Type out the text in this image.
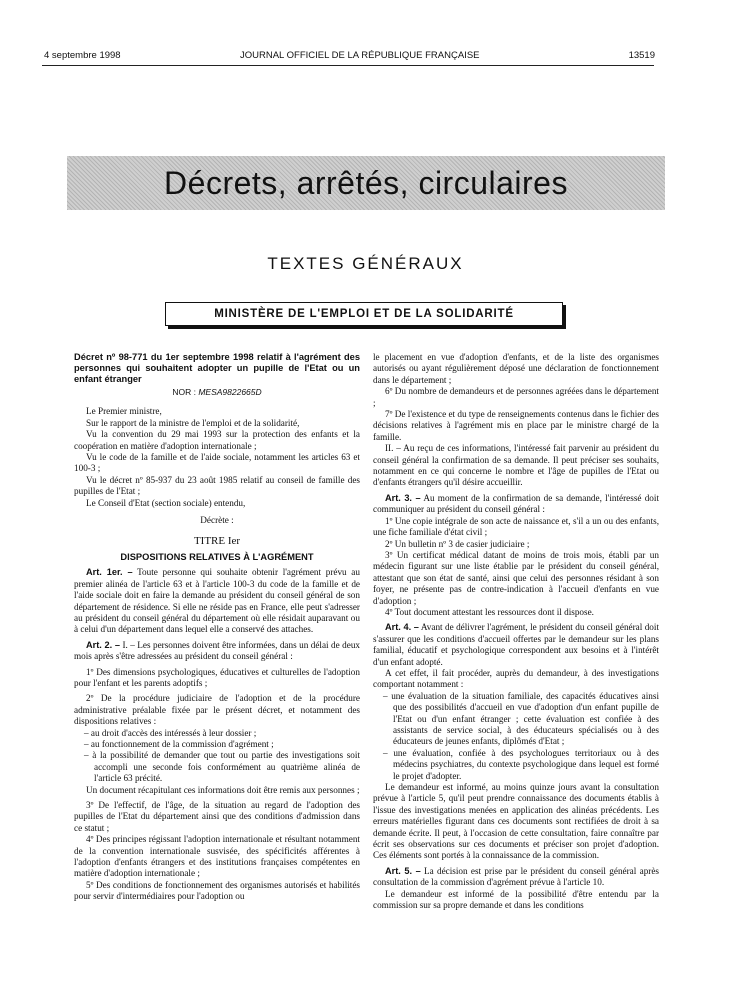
4 septembre 1998	JOURNAL OFFICIEL DE LA RÉPUBLIQUE FRANÇAISE	13519
Décrets, arrêtés, circulaires
TEXTES GÉNÉRAUX
MINISTÈRE DE L'EMPLOI ET DE LA SOLIDARITÉ

Décret nº 98-771 du 1er septembre 1998 relatif à l'agrément des personnes qui souhaitent adopter un pupille de l'Etat ou un enfant étranger

NOR : MESA9822665D

Le Premier ministre,

Sur le rapport de la ministre de l'emploi et de la solidarité,

Vu la convention du 29 mai 1993 sur la protection des enfants et la coopération en matière d'adoption internationale ;

Vu le code de la famille et de l'aide sociale, notamment les articles 63 et 100-3 ;

Vu le décret nº 85-937 du 23 août 1985 relatif au conseil de famille des pupilles de l'Etat ;

Le Conseil d'Etat (section sociale) entendu,

Décrète :

TITRE Ier

DISPOSITIONS RELATIVES À L'AGRÉMENT

Art. 1er. – Toute personne qui souhaite obtenir l'agrément prévu au premier alinéa de l'article 63 et à l'article 100-3 du code de la famille et de l'aide sociale doit en faire la demande au président du conseil général de son département de résidence. Si elle ne réside pas en France, elle peut s'adresser au président du conseil général du département où elle résidait auparavant ou à celui d'un département dans lequel elle a conservé des attaches.

Art. 2. – I. – Les personnes doivent être informées, dans un délai de deux mois après s'être adressées au président du conseil général :

1º Des dimensions psychologiques, éducatives et culturelles de l'adoption pour l'enfant et les parents adoptifs ;

2º De la procédure judiciaire de l'adoption et de la procédure administrative préalable fixée par le présent décret, et notamment des dispositions relatives :

– au droit d'accès des intéressés à leur dossier ;

– au fonctionnement de la commission d'agrément ;

– à la possibilité de demander que tout ou partie des investigations soit accompli une seconde fois conformément au quatrième alinéa de l'article 63 précité.

Un document récapitulant ces informations doit être remis aux personnes ;

3º De l'effectif, de l'âge, de la situation au regard de l'adoption des pupilles de l'Etat du département ainsi que des conditions d'admission dans ce statut ;

4º Des principes régissant l'adoption internationale et résultant notamment de la convention internationale susvisée, des spécificités afférentes à l'adoption d'enfants étrangers et des institutions françaises compétentes en matière d'adoption internationale ;

5º Des conditions de fonctionnement des organismes autorisés et habilités pour servir d'intermédiaires pour l'adoption ou

le placement en vue d'adoption d'enfants, et de la liste des organismes autorisés ou ayant régulièrement déposé une déclaration de fonctionnement dans le département ;

6º Du nombre de demandeurs et de personnes agréées dans le département ;

7º De l'existence et du type de renseignements contenus dans le fichier des décisions relatives à l'agrément mis en place par le ministre chargé de la famille.

II. – Au reçu de ces informations, l'intéressé fait parvenir au président du conseil général la confirmation de sa demande. Il peut préciser ses souhaits, notamment en ce qui concerne le nombre et l'âge de pupilles de l'Etat ou d'enfants étrangers qu'il désire accueillir.

Art. 3. – Au moment de la confirmation de sa demande, l'intéressé doit communiquer au président du conseil général :

1º Une copie intégrale de son acte de naissance et, s'il a un ou des enfants, une fiche familiale d'état civil ;

2º Un bulletin nº 3 de casier judiciaire ;

3º Un certificat médical datant de moins de trois mois, établi par un médecin figurant sur une liste établie par le président du conseil général, attestant que son état de santé, ainsi que celui des personnes résidant à son foyer, ne présente pas de contre-indication à l'accueil d'enfants en vue d'adoption ;

4º Tout document attestant les ressources dont il dispose.

Art. 4. – Avant de délivrer l'agrément, le président du conseil général doit s'assurer que les conditions d'accueil offertes par le demandeur sur les plans familial, éducatif et psychologique correspondent aux besoins et à l'intérêt d'un enfant adopté.

A cet effet, il fait procéder, auprès du demandeur, à des investigations comportant notamment :

– une évaluation de la situation familiale, des capacités éducatives ainsi que des possibilités d'accueil en vue d'adoption d'un enfant pupille de l'Etat ou d'un enfant étranger ; cette évaluation est confiée à des assistants de service social, à des éducateurs spécialisés ou à des éducateurs de jeunes enfants, diplômés d'Etat ;

– une évaluation, confiée à des psychologues territoriaux ou à des médecins psychiatres, du contexte psychologique dans lequel est formé le projet d'adopter.

Le demandeur est informé, au moins quinze jours avant la consultation prévue à l'article 5, qu'il peut prendre connaissance des documents établis à l'issue des investigations menées en application des alinéas précédents. Les erreurs matérielles figurant dans ces documents sont rectifiées de droit à sa demande écrite. Il peut, à l'occasion de cette consultation, faire connaître par écrit ses observations sur ces documents et préciser son projet d'adoption. Ces éléments sont portés à la connaissance de la commission.

Art. 5. – La décision est prise par le président du conseil général après consultation de la commission d'agrément prévue à l'article 10.

Le demandeur est informé de la possibilité d'être entendu par la commission sur sa propre demande et dans les conditions
